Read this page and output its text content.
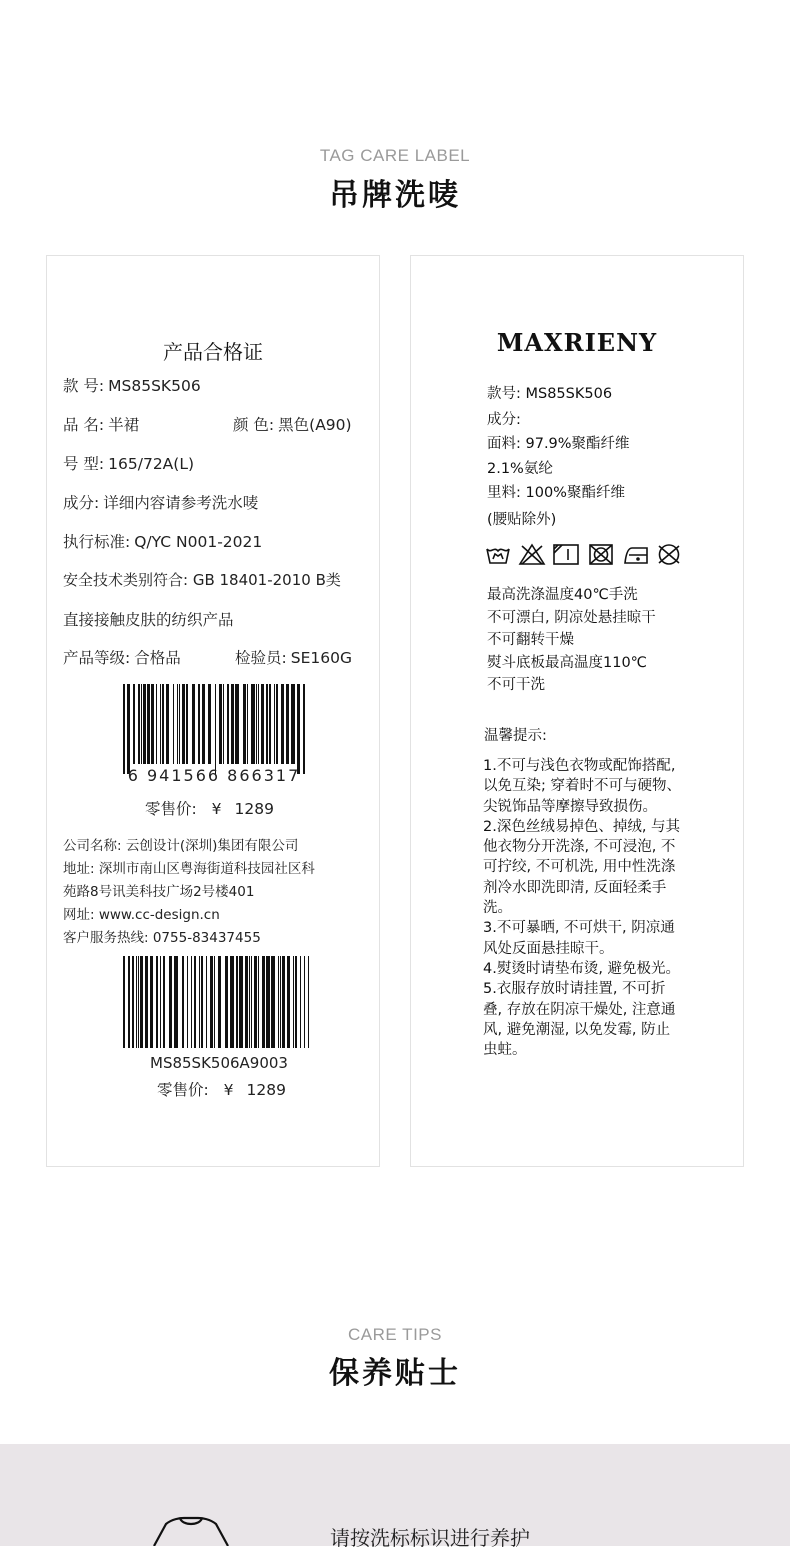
TAG CARE LABEL
吊牌洗唛
产品合格证
款 号: MS85SK506
品 名: 半裙	颜 色: 黑色(A90)
号 型: 165/72A(L)
成分: 详细内容请参考洗水唛
执行标准: Q/YC N001-2021
安全技术类别符合: GB 18401-2010 B类
直接接触皮肤的纺织产品
产品等级: 合格品	检验员: SE160G
6 941566 866317
零售价: ¥ 1289
公司名称: 云创设计(深圳)集团有限公司
地址: 深圳市南山区粤海街道科技园社区科
苑路8号讯美科技广场2号楼401
网址: www.cc-design.cn
客户服务热线: 0755-83437455
MS85SK506A9003
零售价: ¥ 1289
MAXRIENY
款号: MS85SK506
成分:
面料: 97.9%聚酯纤维
2.1%氨纶
里料: 100%聚酯纤维
(腰贴除外)
最高洗涤温度40℃手洗
不可漂白, 阴凉处悬挂晾干
不可翻转干燥
熨斗底板最高温度110℃
不可干洗
温馨提示:

1.不可与浅色衣物或配饰搭配, 以免互染; 穿着时不可与硬物、尖锐饰品等摩擦导致损伤。

2.深色丝绒易掉色、掉绒, 与其他衣物分开洗涤, 不可浸泡, 不可拧绞, 不可机洗, 用中性洗涤剂冷水即洗即清, 反面轻柔手洗。

3.不可暴晒, 不可烘干, 阴凉通风处反面悬挂晾干。

4.熨烫时请垫布烫, 避免极光。

5.衣服存放时请挂置, 不可折叠, 存放在阴凉干燥处, 注意通风, 避免潮湿, 以免发霉, 防止虫蛀。

CARE TIPS
保养贴士
请按洗标标识进行养护
